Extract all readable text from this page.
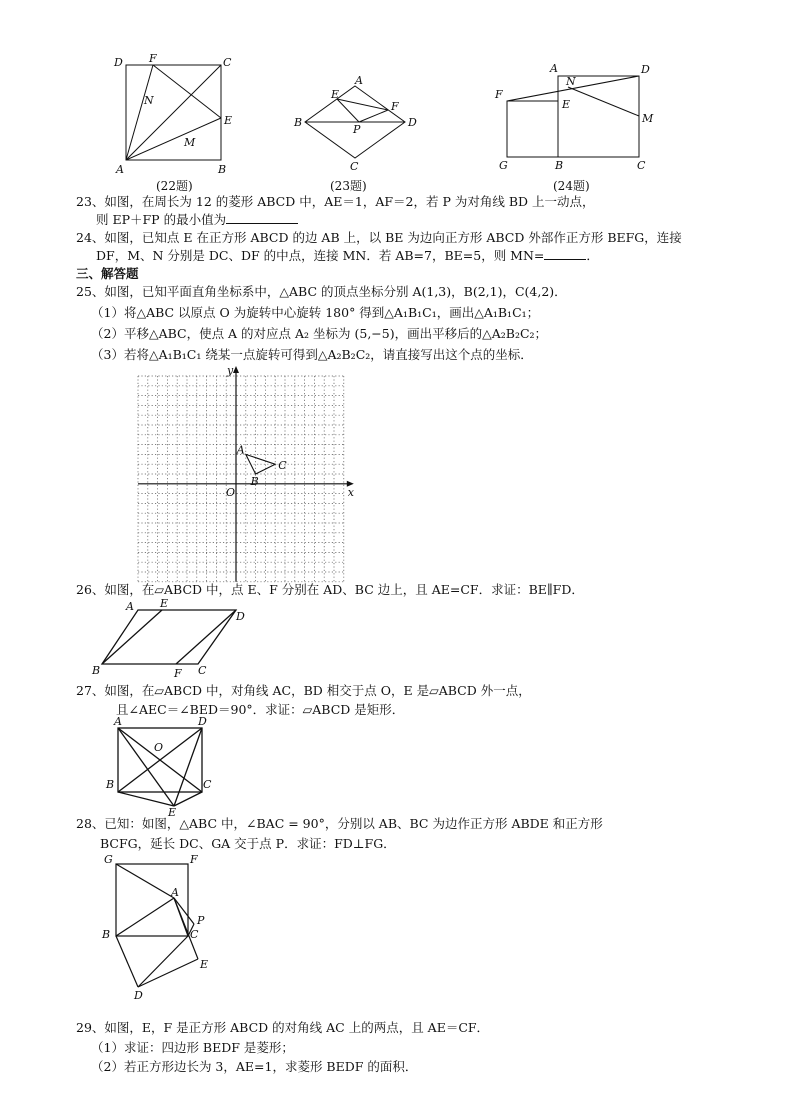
D F	C
N
E
M
A	B
(22题)
A
E
F
B
P
D
C
(23题)
A
N
D
F
E
M
G	B	C
(24题)
23、如图，在周长为 12 的菱形 ABCD 中，AE＝1，AF＝2，若 P 为对角线 BD 上一动点，
则 EP＋FP 的最小值为
24、如图，已知点 E 在正方形 ABCD 的边 AB 上，以 BE 为边向正方形 ABCD 外部作正方形 BEFG，连接
DF，M、N 分别是 DC、DF 的中点，连接 MN．若 AB=7，BE=5，则 MN=	．
三、解答题
25、如图，已知平面直角坐标系中，△ABC 的顶点坐标分别 A(1,3)，B(2,1)，C(4,2)．
（1）将△ABC 以原点 O 为旋转中心旋转 180° 得到△A₁B₁C₁，画出△A₁B₁C₁；
（2）平移△ABC，使点 A 的对应点 A₂ 坐标为 (5,−5)，画出平移后的△A₂B₂C₂；
（3）若将△A₁B₁C₁ 绕某一点旋转可得到△A₂B₂C₂，请直接写出这个点的坐标．
x
y
O
A
B
C
26、如图，在▱ABCD 中，点 E、F 分别在 AD、BC 边上，且 AE=CF．求证：BE∥FD．
A E
D
B	F C
27、如图，在▱ABCD 中，对角线 AC，BD 相交于点 O，E 是▱ABCD 外一点，
且∠AEC＝∠BED＝90°．求证：▱ABCD 是矩形．
A	D
O
B	C
E
28、已知：如图，△ABC 中，∠BAC = 90°，分别以 AB、BC 为边作正方形 ABDE 和正方形
BCFG，延长 DC、GA 交于点 P．求证：FD⊥FG．
G	F
A
P
B	C
E
D
29、如图，E，F 是正方形 ABCD 的对角线 AC 上的两点，且 AE＝CF．
（1）求证：四边形 BEDF 是菱形；
（2）若正方形边长为 3，AE=1，求菱形 BEDF 的面积．
